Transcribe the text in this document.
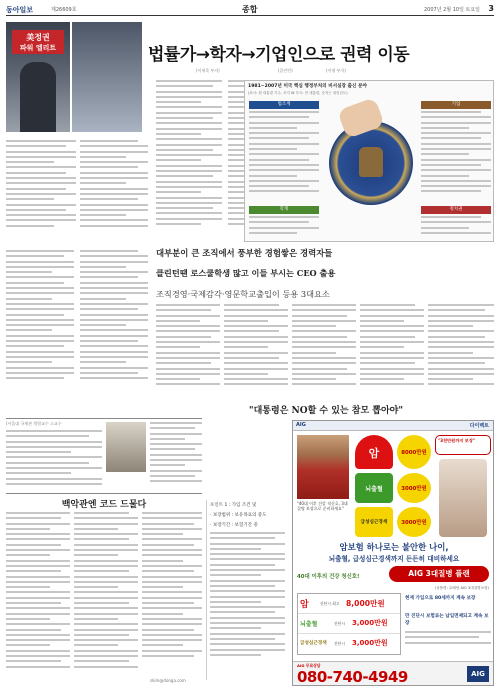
동아일보	제26609호	종합	2007년 2월 10일 토요일 3
법률가→학자→기업인으로 권력 이동
(이세목 부자)	(클린턴)	(이명 부자)
美정권
파워 엘리트
1981~2007년 미국 핵심 행정부처의 비서실장 출신 분야
(표시: 원 대통령 기수, 조지 W 부시: 현 대통령, 숫자는 취임년도)
법조계	기업
학계	정치권
대부분이 큰 조직에서 풍부한 경험쌓은 경력자들
클린턴땐 로스쿨학생 많고 이들 부시는 CEO 출용
조직경영·국제감각·영문학교출입이 등용 3대요소
"대통령은 NO할 수 있는 참모 뽑아야"
(서울대 국제관 객원교수 스교수
백악관엔 코드 드물다
skim@donga.com
포인트 1 : 가입 조건 및
· 보장범위 : 보유목표의 중도
· 보장기간 : 보험기간 중
AIG	다이렉트
"40대 이후 건강 적신호, 3대질병 보장으로 준비하세요"
암
뇌출혈
급성심근경색
8000만원
3000만원
3000만원
"3천만원까지 보장"
암보험 하나로는 불안한 나이,
뇌출혈, 급성심근경색까지 든든히 대비하세요
40대 이후의 건강 청신호!	AIG 3대질병 플랜
(상품명: 무배당 AIG 3대질병보험)
암	진단시 최고 8,000만원
뇌출혈	진단시 3,000만원
급성심근경색 진단시 3,000만원
현재 가입으로 80세까지 계속 보장
만 진단시 보험료는 납입면제되고 계속 보장
AIG 무료상담
080-740-4949	AIG
